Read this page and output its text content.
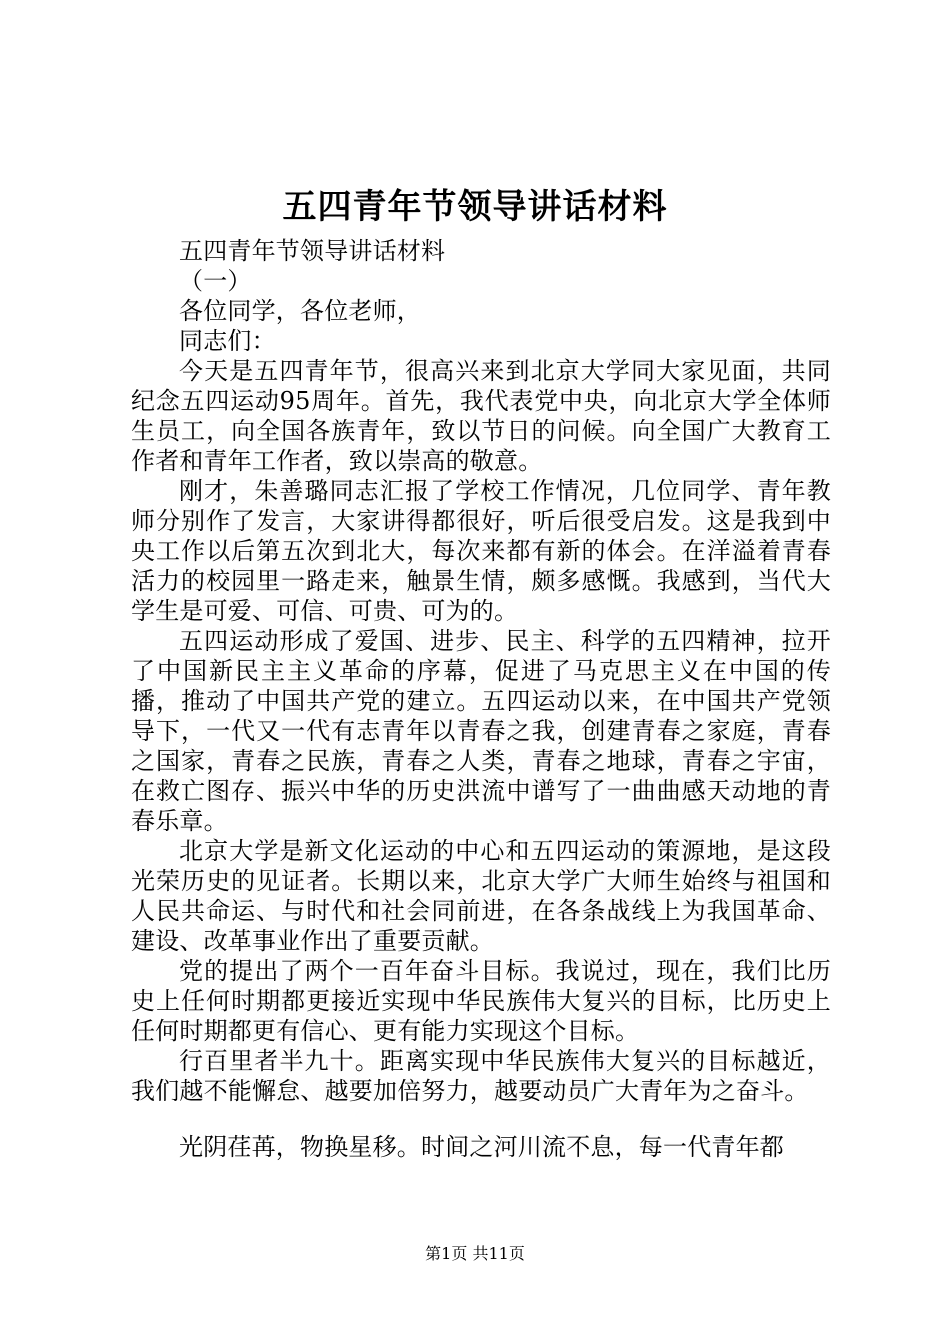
五四青年节领导讲话材料

五四青年节领导讲话材料

（一）

各位同学，各位老师，

同志们：

今天是五四青年节，很高兴来到北京大学同大家见面，共同纪念五四运动95周年。首先，我代表党中央，向北京大学全体师生员工，向全国各族青年，致以节日的问候。向全国广大教育工作者和青年工作者，致以崇高的敬意。

刚才，朱善璐同志汇报了学校工作情况，几位同学、青年教师分别作了发言，大家讲得都很好，听后很受启发。这是我到中央工作以后第五次到北大，每次来都有新的体会。在洋溢着青春活力的校园里一路走来，触景生情，颇多感慨。我感到，当代大学生是可爱、可信、可贵、可为的。

五四运动形成了爱国、进步、民主、科学的五四精神，拉开了中国新民主主义革命的序幕，促进了马克思主义在中国的传播，推动了中国共产党的建立。五四运动以来，在中国共产党领导下，一代又一代有志青年以青春之我，创建青春之家庭，青春之国家，青春之民族，青春之人类，青春之地球，青春之宇宙，在救亡图存、振兴中华的历史洪流中谱写了一曲曲感天动地的青春乐章。

北京大学是新文化运动的中心和五四运动的策源地，是这段光荣历史的见证者。长期以来，北京大学广大师生始终与祖国和人民共命运、与时代和社会同前进，在各条战线上为我国革命、建设、改革事业作出了重要贡献。

党的提出了两个一百年奋斗目标。我说过，现在，我们比历史上任何时期都更接近实现中华民族伟大复兴的目标，比历史上任何时期都更有信心、更有能力实现这个目标。

行百里者半九十。距离实现中华民族伟大复兴的目标越近，我们越不能懈怠、越要加倍努力，越要动员广大青年为之奋斗。

光阴荏苒，物换星移。时间之河川流不息，每一代青年都

第1页 共11页
